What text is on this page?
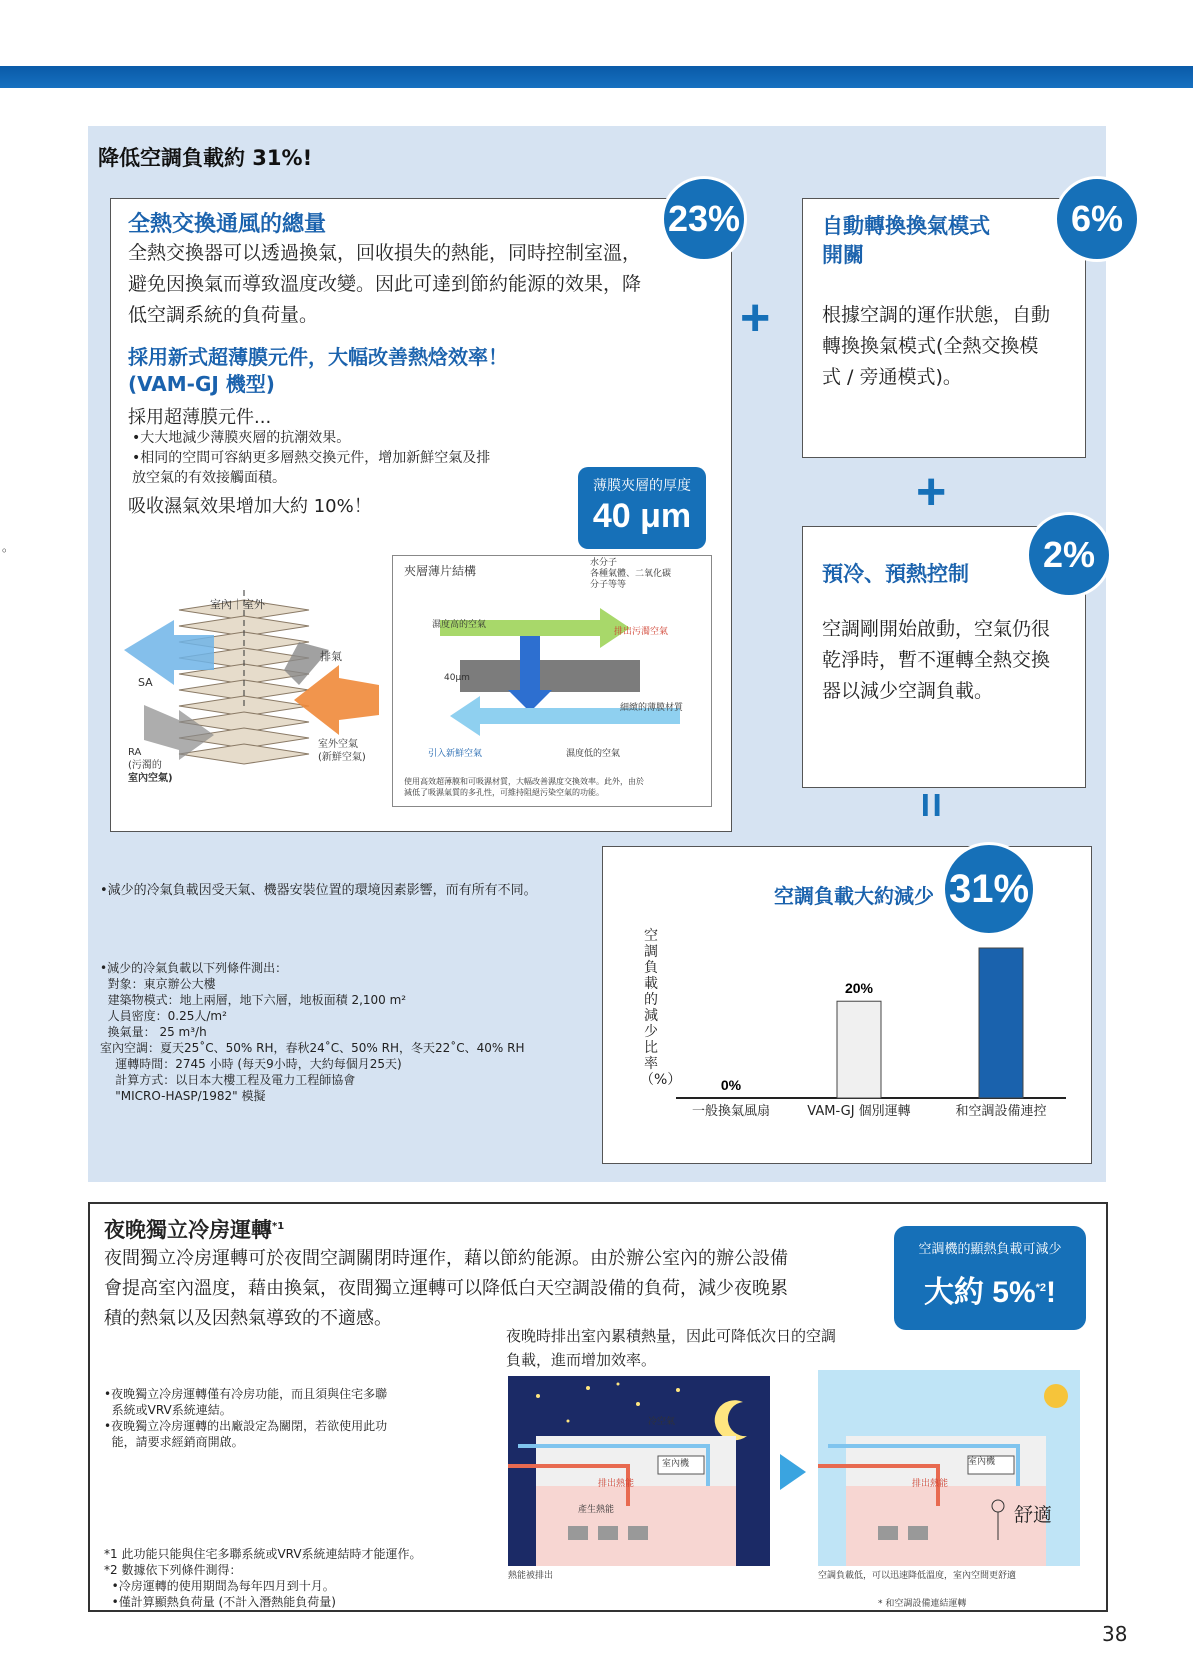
。
降低空調負載約 31%!
23%
全熱交換通風的總量

全熱交換器可以透過換氣，回收損失的熱能，同時控制室溫，

避免因換氣而導致溫度改變。因此可達到節約能源的效果，降

低空調系統的負荷量。

採用新式超薄膜元件，大幅改善熱焓效率！

(VAM-GJ 機型)

採用超薄膜元件...

•大大地減少薄膜夾層的抗潮效果。

•相同的空間可容納更多層熱交換元件，增加新鮮空氣及排

放空氣的有效接觸面積。

吸收濕氣效果增加大約 10%！
薄膜夾層的厚度
40 μm
室內｜室外
排氣
SA

RA

(污濁的

室內空氣)

室外空氣

(新鮮空氣)

夾層薄片結構

水分子

各種氣體、二氧化碳

分子等等

濕度高的空氣
排出污濁空氣
40μm
細緻的薄膜材質
引入新鮮空氣	濕度低的空氣

使用高效超薄膜和可吸濕材質，大幅改善濕度交換效率。此外，由於

減低了吸濕氣質的多孔性，可維持阻絕污染空氣的功能。

+
+
=
6%

自動轉換換氣模式

開關

根據空調的運作狀態，自動

轉換換氣模式(全熱交換模

式 / 旁通模式)。

2%
預冷、預熱控制

空調剛開始啟動，空氣仍很

乾淨時，暫不運轉全熱交換

器以減少空調負載。

•減少的冷氣負載因受天氣、機器安裝位置的環境因素影響，而有所有不同。

•減少的冷氣負載以下列條件測出：

對象：東京辦公大樓

建築物模式：地上兩層，地下六層，地板面積 2,100 m²

人員密度：0.25人/m²

換氣量： 25 m³/h

室內空調：夏天25˚C、50% RH，春秋24˚C、50% RH，冬天22˚C、40% RH

運轉時間：2745 小時 (每天9小時，大約每個月25天)

計算方式：以日本大樓工程及電力工程師協會

"MICRO-HASP/1982" 模擬

空調負載大約減少 31%
空調負載的減少比率（%）	0%
20%
一般換氣風扇	VAM-GJ 個別運轉	和空調設備連控
夜晚獨立冷房運轉$^{*1}$

夜間獨立冷房運轉可於夜間空調關閉時運作，藉以節約能源。由於辦公室內的辦公設備

會提高室內溫度，藉由換氣，夜間獨立運轉可以降低白天空調設備的負荷，減少夜晚累

積的熱氣以及因熱氣導致的不適感。

空調機的顯熱負載可減少
大約 5%$^{*2}$!

夜晚時排出室內累積熱量，因此可降低次日的空調

負載，進而增加效率。

•夜晚獨立冷房運轉僅有冷房功能，而且須與住宅多聯

系統或VRV系統連結。

•夜晚獨立冷房運轉的出廠設定為關閉，若欲使用此功

能，請要求經銷商開啟。

*1 此功能只能與住宅多聯系統或VRV系統連結時才能運作。

*2 數據依下列條件測得：

•冷房運轉的使用期間為每年四月到十月。

•僅計算顯熱負荷量 (不計入潛熱能負荷量)

冷空氣
室內機
排出熱能
產生熱能
熱能被排出
室內機
排出熱能
舒適
空調負載低，可以迅速降低溫度，室內空間更舒適
* 和空調設備連結運轉
38
